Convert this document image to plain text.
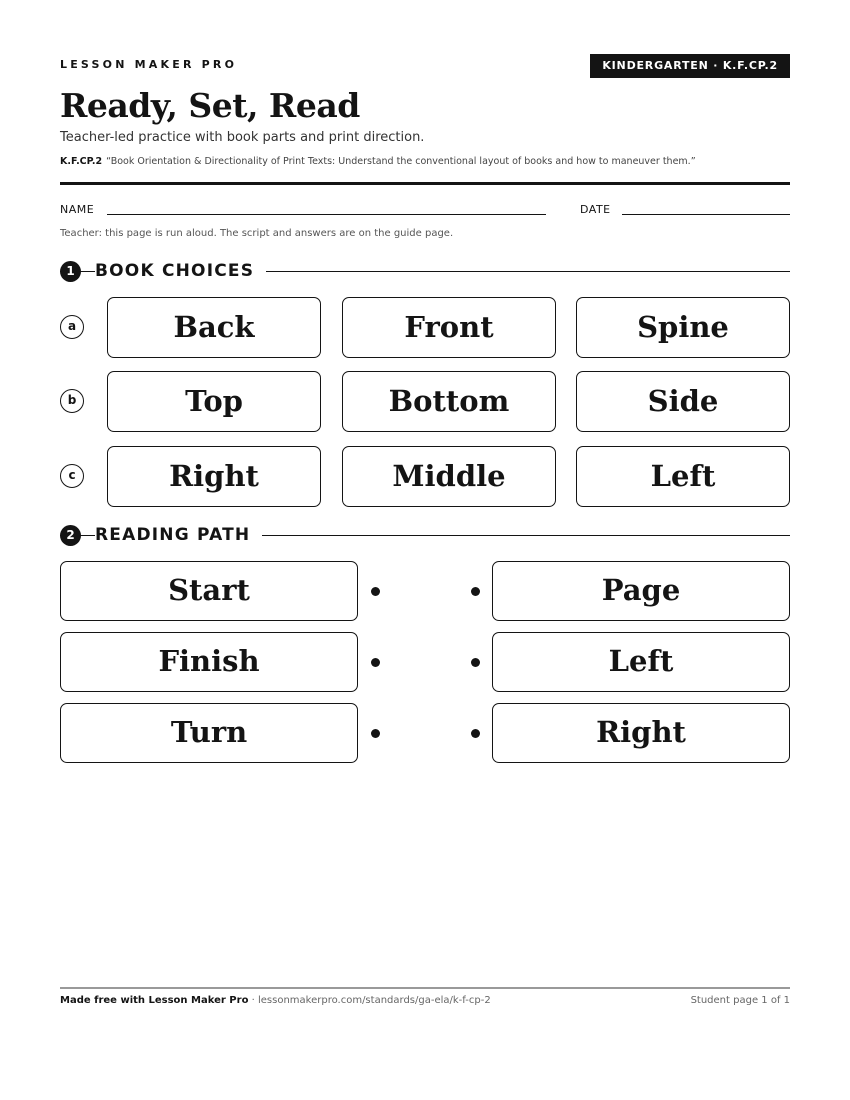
LESSON MAKER PRO	KINDERGARTEN · K.F.CP.2
Ready, Set, Read
Teacher-led practice with book parts and print direction.
K.F.CP.2 “Book Orientation & Directionality of Print Texts: Understand the conventional layout of books and how to maneuver them.”
NAME	DATE
Teacher: this page is run aloud. The script and answers are on the guide page.
1	BOOK CHOICES
a	Back	Front	Spine
b	Top	Bottom	Side
c	Right	Middle	Left
2	READING PATH
Start	Page
Finish	Left
Turn	Right
Made free with Lesson Maker Pro · lessonmakerpro.com/standards/ga-ela/k-f-cp-2	Student page 1 of 1
